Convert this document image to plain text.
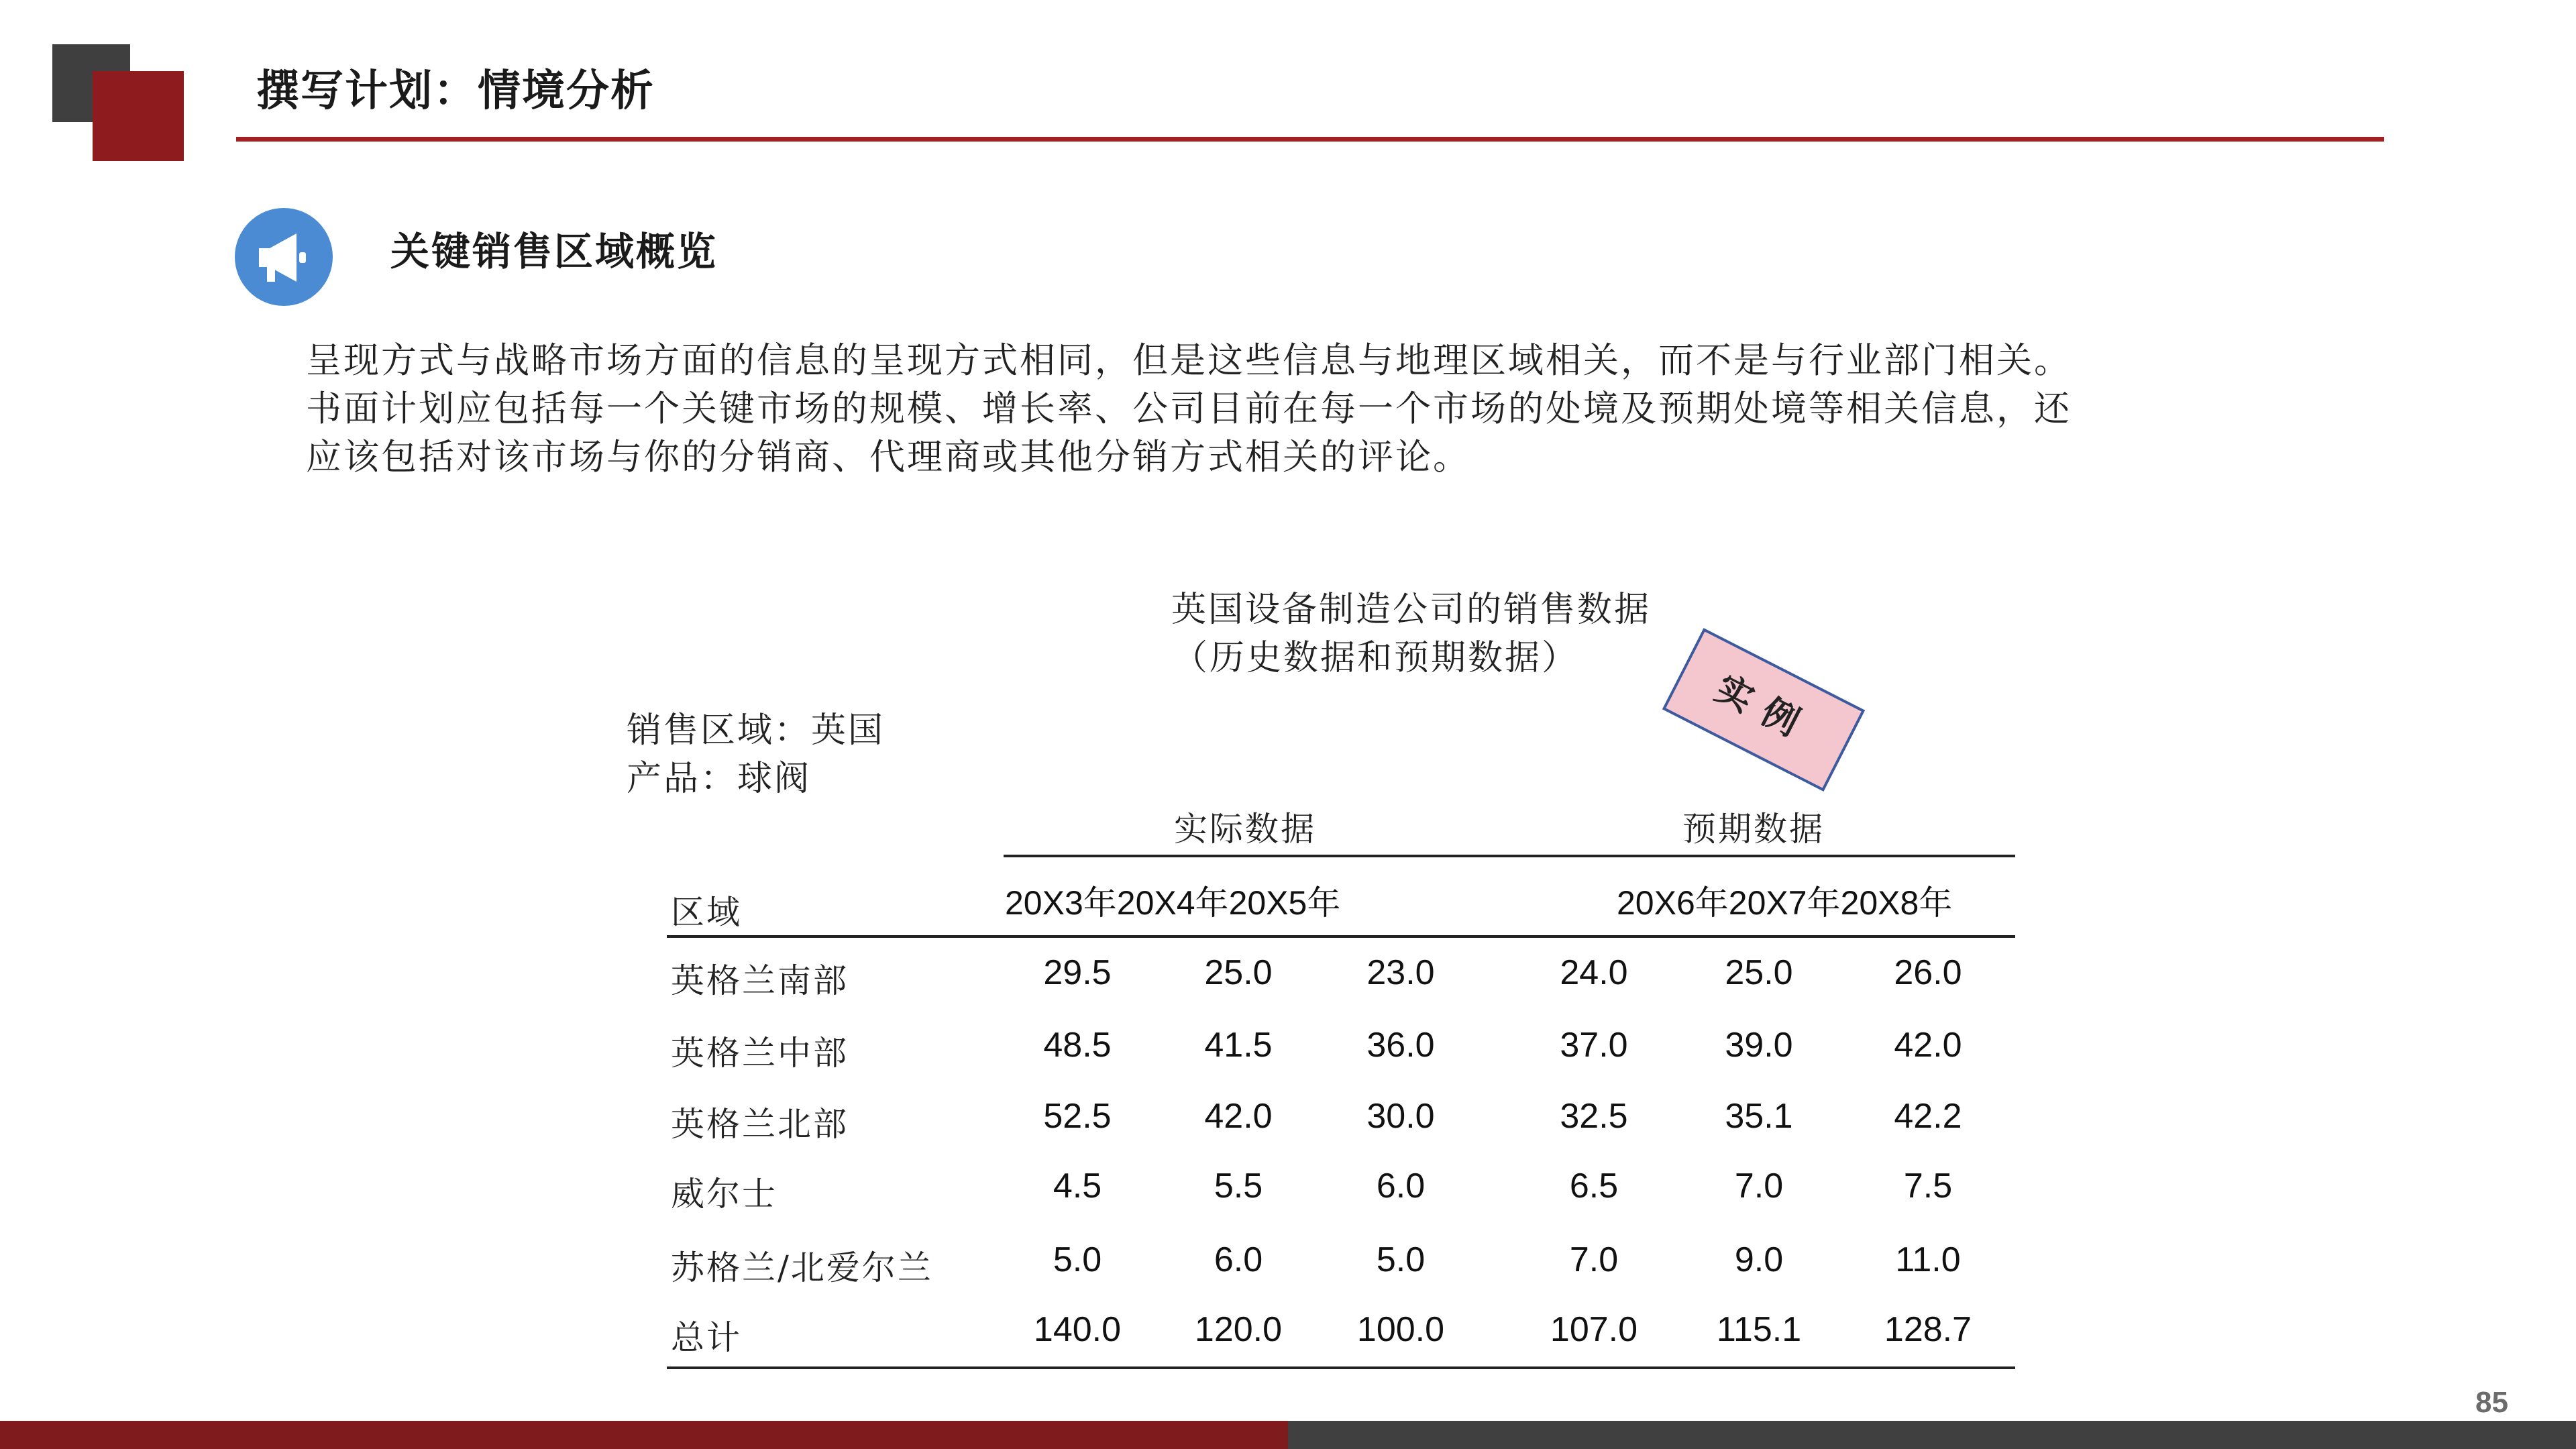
撰写计划：情境分析
关键销售区域概览
呈现方式与战略市场方面的信息的呈现方式相同，但是这些信息与地理区域相关，而不是与行业部门相关。
书面计划应包括每一个关键市场的规模、增长率、公司目前在每一个市场的处境及预期处境等相关信息，还
应该包括对该市场与你的分销商、代理商或其他分销方式相关的评论。
英国设备制造公司的销售数据
（历史数据和预期数据）
销售区域：英国
产品：球阀
实例
实际数据	预期数据
区域	20X3年20X4年20X5年	20X6年20X7年20X8年
英格兰南部	29.5	25.0	23.0	24.0	25.0	26.0
英格兰中部	48.5	41.5	36.0	37.0	39.0	42.0
英格兰北部	52.5	42.0	30.0	32.5	35.1	42.2
威尔士	4.5	5.5	6.0	6.5	7.0	7.5
苏格兰/北爱尔兰	5.0	6.0	5.0	7.0	9.0	11.0
总计	140.0	120.0	100.0	107.0	115.1	128.7
85
